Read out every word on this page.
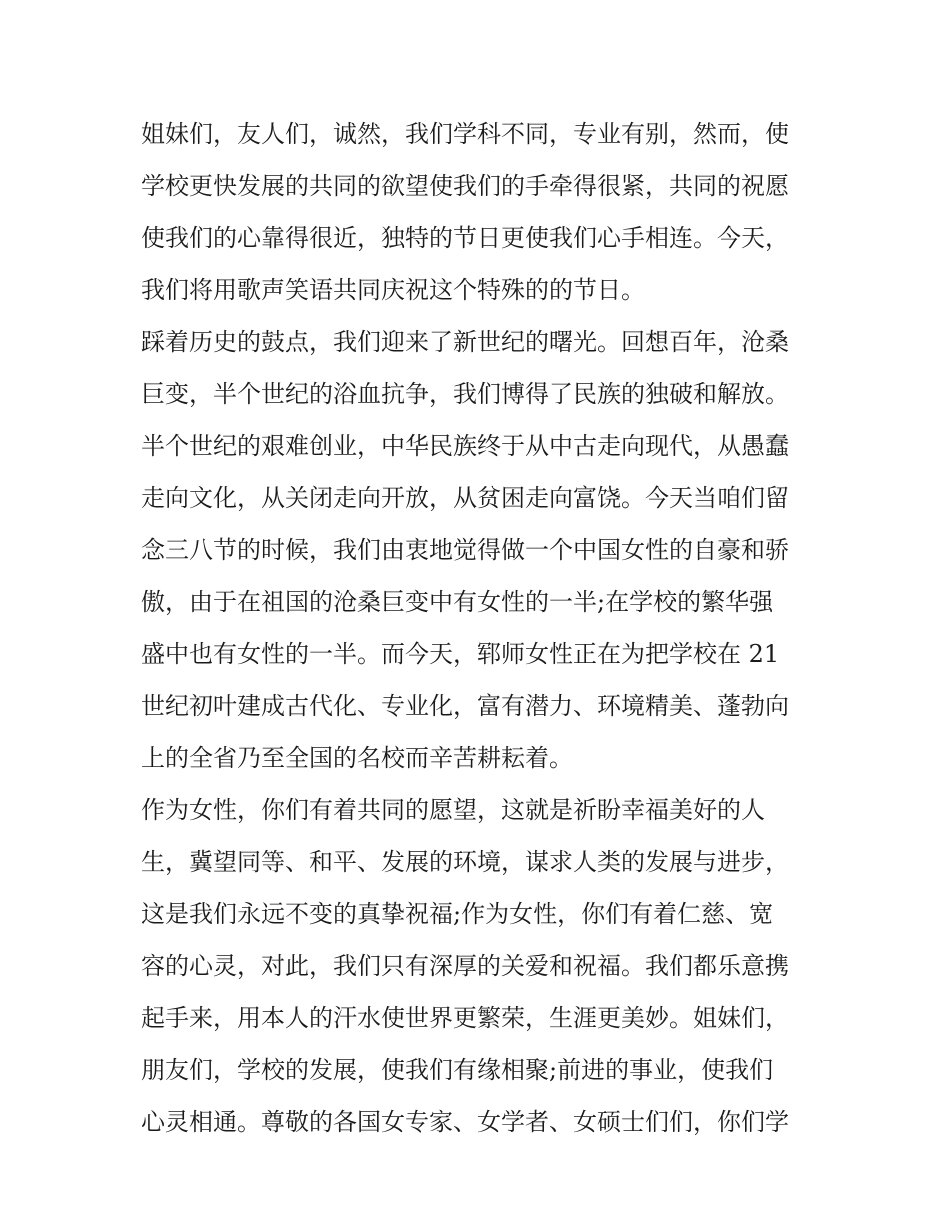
姐妹们，友人们，诚然，我们学科不同，专业有别，然而，使
学校更快发展的共同的欲望使我们的手牵得很紧，共同的祝愿
使我们的心靠得很近，独特的节日更使我们心手相连。今天，
我们将用歌声笑语共同庆祝这个特殊的的节日。
踩着历史的鼓点，我们迎来了新世纪的曙光。回想百年，沧桑
巨变，半个世纪的浴血抗争，我们博得了民族的独破和解放。
半个世纪的艰难创业，中华民族终于从中古走向现代，从愚蠢
走向文化，从关闭走向开放，从贫困走向富饶。今天当咱们留
念三八节的时候，我们由衷地觉得做一个中国女性的自豪和骄
傲，由于在祖国的沧桑巨变中有女性的一半;在学校的繁华强
盛中也有女性的一半。而今天，郓师女性正在为把学校在 21
世纪初叶建成古代化、专业化，富有潜力、环境精美、蓬勃向
上的全省乃至全国的名校而辛苦耕耘着。
作为女性，你们有着共同的愿望，这就是祈盼幸福美好的人
生，冀望同等、和平、发展的环境，谋求人类的发展与进步，
这是我们永远不变的真挚祝福;作为女性，你们有着仁慈、宽
容的心灵，对此，我们只有深厚的关爱和祝福。我们都乐意携
起手来，用本人的汗水使世界更繁荣，生涯更美妙。姐妹们，
朋友们，学校的发展，使我们有缘相聚;前进的事业，使我们
心灵相通。尊敬的各国女专家、女学者、女硕士们们，你们学
